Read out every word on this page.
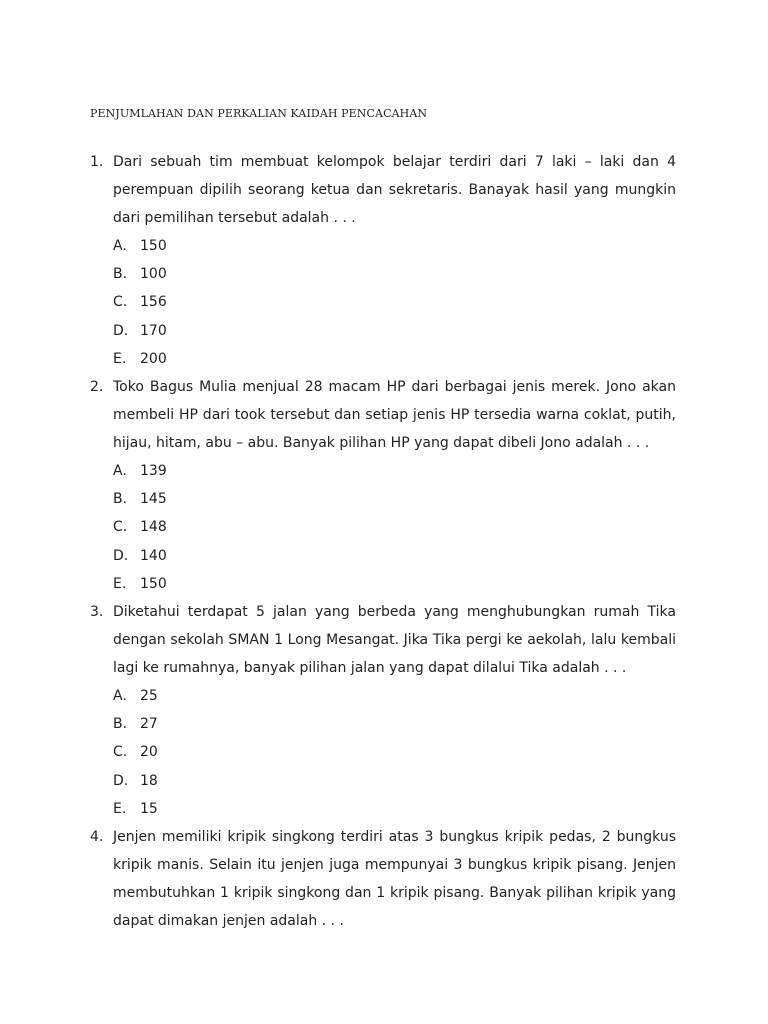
PENJUMLAHAN DAN PERKALIAN KAIDAH PENCACAHAN
1. Dari sebuah tim membuat kelompok belajar terdiri dari 7 laki – laki dan 4 perempuan dipilih seorang ketua dan sekretaris. Banayak hasil yang mungkin dari pemilihan tersebut adalah . . .
A. 150
B. 100
C. 156
D. 170
E. 200
2. Toko Bagus Mulia menjual 28 macam HP dari berbagai jenis merek. Jono akan membeli HP dari took tersebut dan setiap jenis HP tersedia warna coklat, putih, hijau, hitam, abu – abu. Banyak pilihan HP yang dapat dibeli Jono adalah . . .
A. 139
B. 145
C. 148
D. 140
E. 150
3. Diketahui terdapat 5 jalan yang berbeda yang menghubungkan rumah Tika dengan sekolah SMAN 1 Long Mesangat. Jika Tika pergi ke aekolah, lalu kembali lagi ke rumahnya, banyak pilihan jalan yang dapat dilalui Tika adalah . . .
A. 25
B. 27
C. 20
D. 18
E. 15
4. Jenjen memiliki kripik singkong terdiri atas 3 bungkus kripik pedas, 2 bungkus kripik manis. Selain itu jenjen juga mempunyai 3 bungkus kripik pisang. Jenjen membutuhkan 1 kripik singkong dan 1 kripik pisang. Banyak pilihan kripik yang dapat dimakan jenjen adalah . . .
